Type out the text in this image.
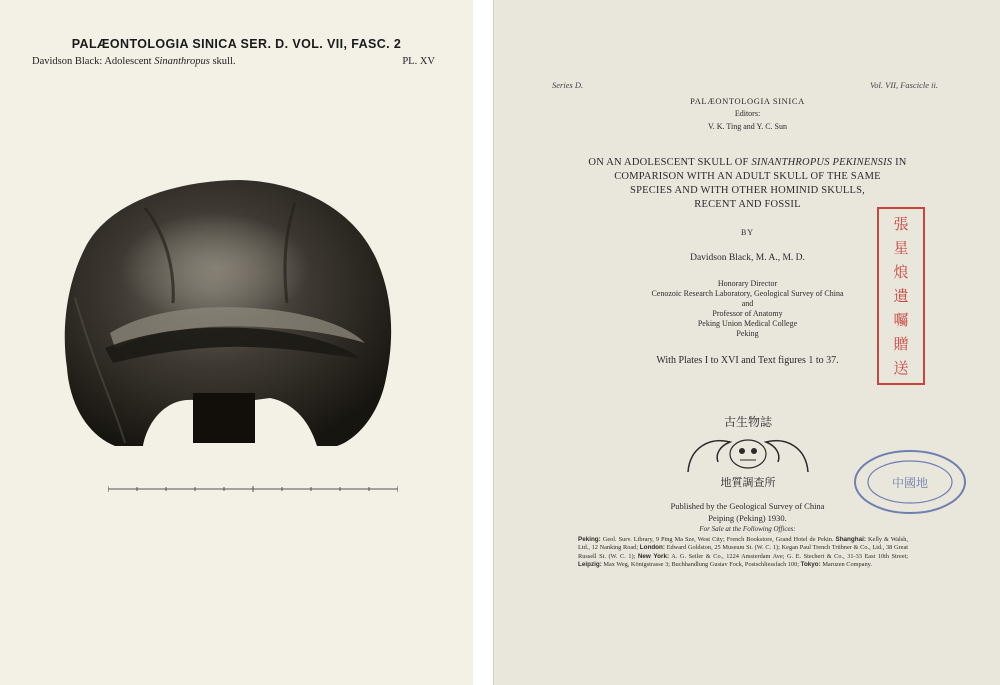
PALÆONTOLOGIA SINICA SER. D. VOL. VII, FASC. 2
Davidson Black: Adolescent Sinanthropus skull.	PL. XV
Series D.	Vol. VII, Fascicle ii.
PALÆONTOLOGIA SINICA
Editors:
V. K. Ting and Y. C. Sun
ON AN ADOLESCENT SKULL OF SINANTHROPUS PEKINENSIS IN
COMPARISON WITH AN ADULT SKULL OF THE SAME
SPECIES AND WITH OTHER HOMINID SKULLS,
RECENT AND FOSSIL
BY
Davidson Black, M. A., M. D.
Honorary Director
Cenozoic Research Laboratory, Geological Survey of China
and
Professor of Anatomy
Peking Union Medical College
Peking
With Plates I to XVI and Text figures 1 to 37.
古生物誌
地質調查所
Published by the Geological Survey of China
Peiping (Peking) 1930.
For Sale at the Following Offices:
Peking: Geol. Surv. Library, 9 Ping Ma Sze, West City; French Bookstore, Grand Hotel de Pekin. Shanghai: Kelly & Walsh, Ltd., 12 Nanking Road; London: Edward Goldston, 25 Museum St. (W. C. 1); Kegan Paul Trench Trübner & Co., Ltd., 38 Great Russell St. (W. C. 1); New York: A. G. Seiler & Co., 1224 Amsterdam Ave; G. E. Stechert & Co., 31-33 East 10th Street; Leipzig: Max Weg, Königstrasse 3; Buchhandlung Gustav Fock, Postschliessfach 100; Tokyo: Maruzen Company.
張
星
烺
遺
囑
贈
送
中國地
